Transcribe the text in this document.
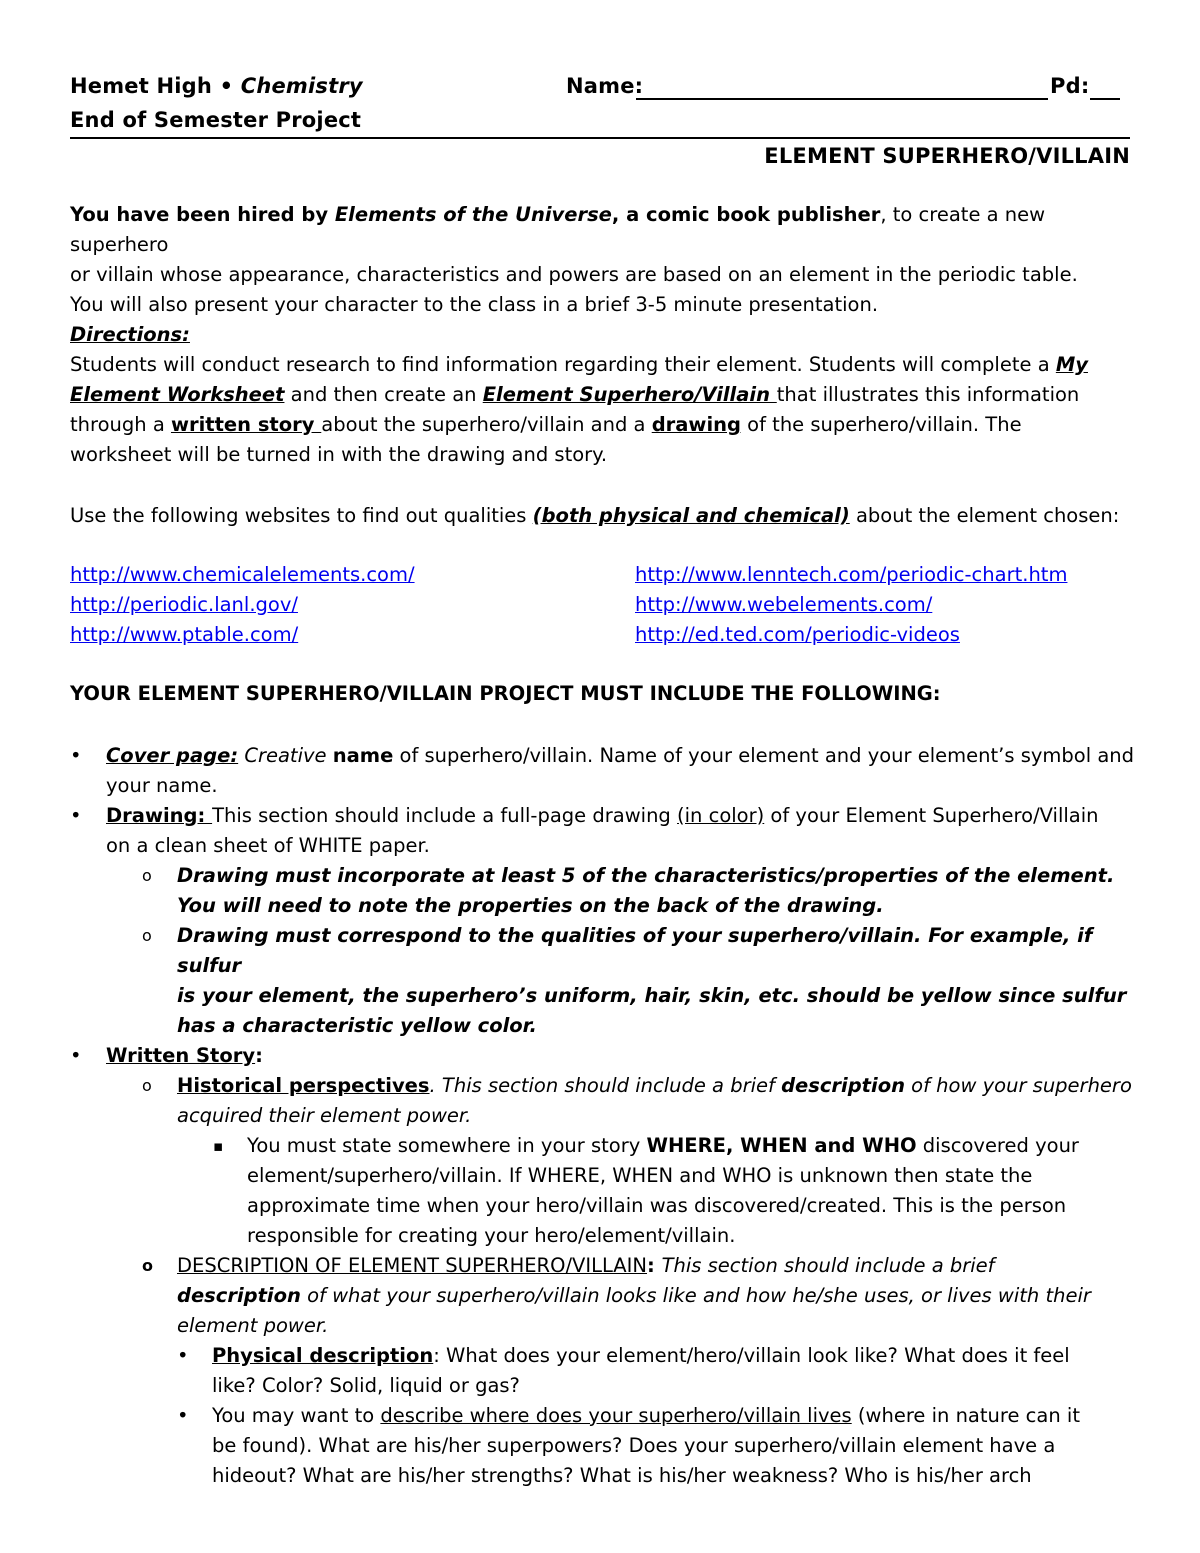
Hemet High • Chemistry	Name:	Pd:
End of Semester Project
ELEMENT SUPERHERO/VILLAIN

You have been hired by Elements of the Universe, a comic book publisher, to create a new superhero

or villain whose appearance, characteristics and powers are based on an element in the periodic table.

You will also present your character to the class in a brief 3-5 minute presentation.

Directions:

Students will conduct research to find information regarding their element. Students will complete a My

Element Worksheet and then create an Element Superhero/Villain that illustrates this information

through a written story about the superhero/villain and a drawing of the superhero/villain. The

worksheet will be turned in with the drawing and story.

Use the following websites to find out qualities (both physical and chemical) about the element chosen:

http://www.chemicalelements.com/
http://periodic.lanl.gov/
http://www.ptable.com/
http://www.lenntech.com/periodic-chart.htm
http://www.webelements.com/
http://ed.ted.com/periodic-videos
YOUR ELEMENT SUPERHERO/VILLAIN PROJECT MUST INCLUDE THE FOLLOWING:
• Cover page: Creative name of superhero/villain. Name of your element and your element’s symbol and
your name.
• Drawing: This section should include a full-page drawing (in color) of your Element Superhero/Villain
on a clean sheet of WHITE paper.
o Drawing must incorporate at least 5 of the characteristics/properties of the element.
You will need to note the properties on the back of the drawing.
o Drawing must correspond to the qualities of your superhero/villain. For example, if sulfur
is your element, the superhero’s uniform, hair, skin, etc. should be yellow since sulfur
has a characteristic yellow color.
• Written Story:
o Historical perspectives. This section should include a brief description of how your superhero
acquired their element power.
▪ You must state somewhere in your story WHERE, WHEN and WHO discovered your
element/superhero/villain. If WHERE, WHEN and WHO is unknown then state the
approximate time when your hero/villain was discovered/created. This is the person
responsible for creating your hero/element/villain.
o DESCRIPTION OF ELEMENT SUPERHERO/VILLAIN: This section should include a brief
description of what your superhero/villain looks like and how he/she uses, or lives with their
element power.
• Physical description: What does your element/hero/villain look like? What does it feel
like? Color? Solid, liquid or gas?
• You may want to describe where does your superhero/villain lives (where in nature can it
be found). What are his/her superpowers? Does your superhero/villain element have a
hideout? What are his/her strengths? What is his/her weakness? Who is his/her arch
